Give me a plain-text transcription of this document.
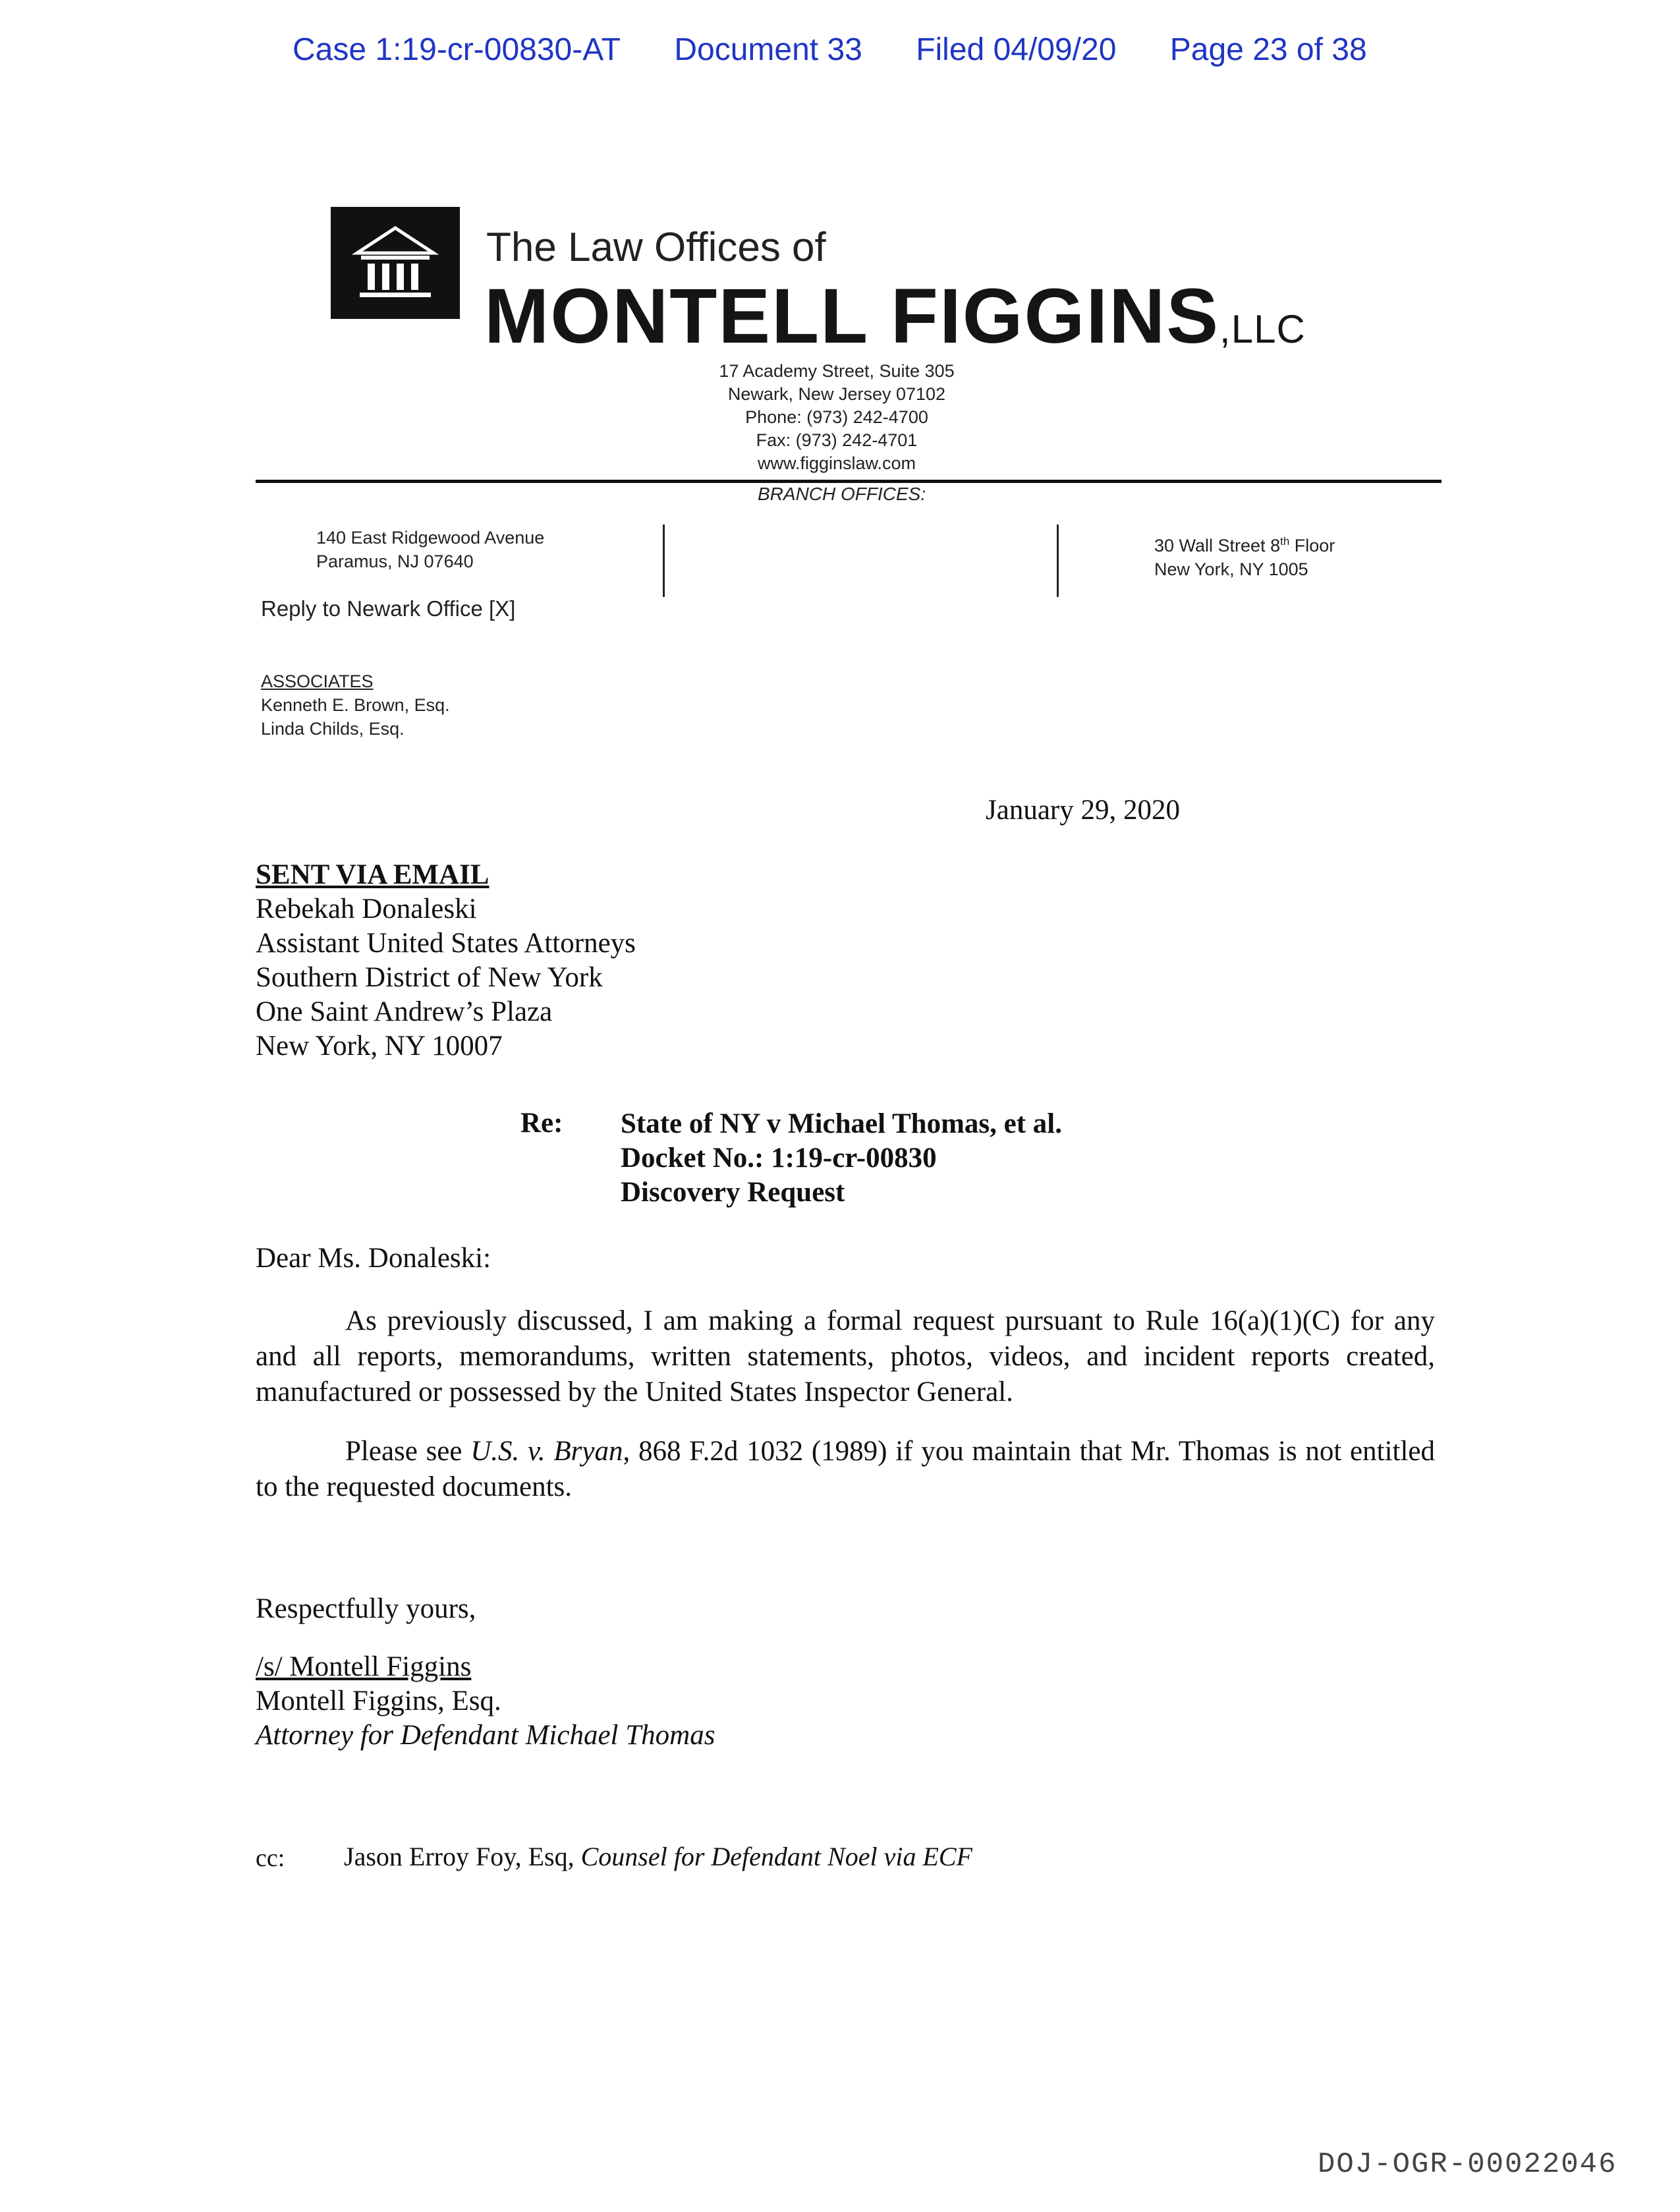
Case 1:19-cr-00830-AT Document 33 Filed 04/09/20 Page 23 of 38
The Law Offices of
MONTELL FIGGINS,LLC
17 Academy Street, Suite 305
Newark, New Jersey 07102
Phone: (973) 242-4700
Fax: (973) 242-4701
www.figginslaw.com
BRANCH OFFICES:
140 East Ridgewood Avenue
Paramus, NJ 07640
30 Wall Street 8th Floor
New York, NY 1005
Reply to Newark Office [X]
ASSOCIATES
Kenneth E. Brown, Esq.
Linda Childs, Esq.
January 29, 2020
SENT VIA EMAIL
Rebekah Donaleski
Assistant United States Attorneys
Southern District of New York
One Saint Andrew’s Plaza
New York, NY 10007
Re: State of NY v Michael Thomas, et al.
Docket No.: 1:19-cr-00830
Discovery Request
Dear Ms. Donaleski:
As previously discussed, I am making a formal request pursuant to Rule 16(a)(1)(C) for any and all reports, memorandums, written statements, photos, videos, and incident reports created, manufactured or possessed by the United States Inspector General.
Please see U.S. v. Bryan, 868 F.2d 1032 (1989) if you maintain that Mr. Thomas is not entitled to the requested documents.
Respectfully yours,
/s/ Montell Figgins
Montell Figgins, Esq.
Attorney for Defendant Michael Thomas
cc: Jason Erroy Foy, Esq, Counsel for Defendant Noel via ECF
DOJ-OGR-00022046
